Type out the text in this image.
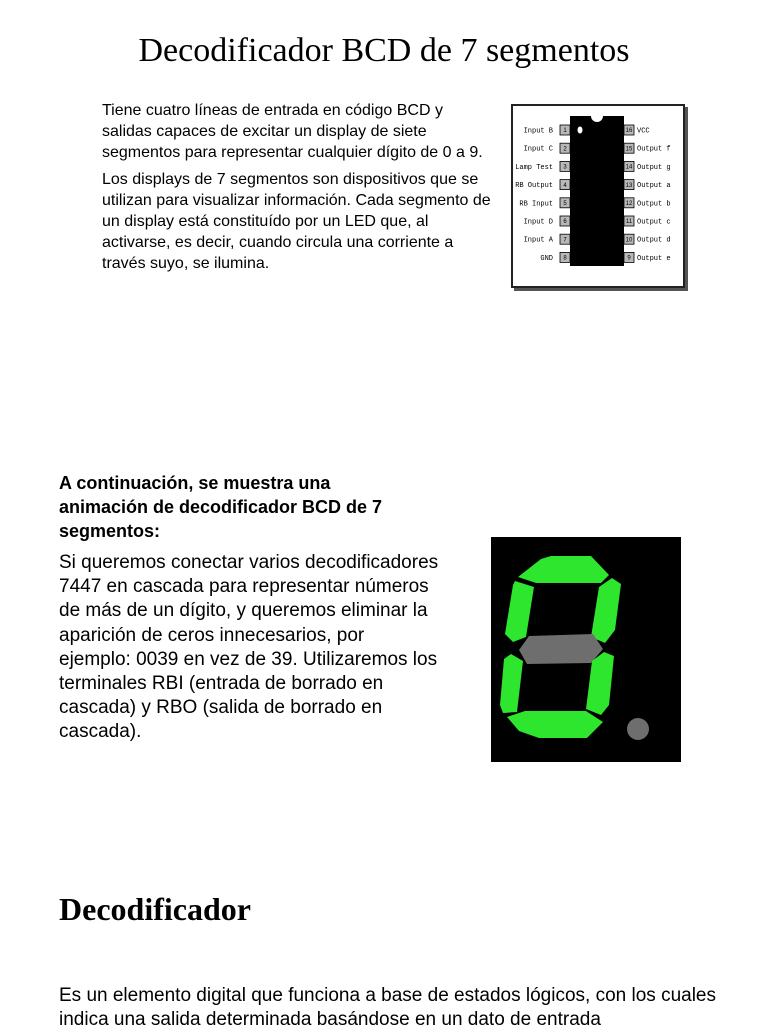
Decodificador BCD de 7 segmentos

Tiene cuatro líneas de entrada en código BCD y salidas capaces de excitar un display de siete segmentos para representar cualquier dígito de 0 a 9.

Los displays de 7 segmentos son dispositivos que se utilizan para visualizar información. Cada segmento de un display está constituído por un LED que, al activarse, es decir, cuando circula una corriente a través suyo, se ilumina.

1
Input B
2
Input C
3
Lamp Test
4
RB Output
5
RB Input
6
Input D
7
Input A
8
GND
16 VCC
15 Output f
14 Output g
13 Output a
12 Output b
11 Output c
10 Output d
9 Output e
A continuación, se muestra una animación de decodificador BCD de 7 segmentos:
Si queremos conectar varios decodificadores 7447 en cascada para representar números de más de un dígito, y queremos eliminar la aparición de ceros innecesarios, por ejemplo: 0039 en vez de 39. Utilizaremos los terminales RBI (entrada de borrado en cascada) y RBO (salida de borrado en cascada).
Decodificador
Es un elemento digital que funciona a base de estados lógicos, con los cuales indica una salida determinada basándose en un dato de entrada
